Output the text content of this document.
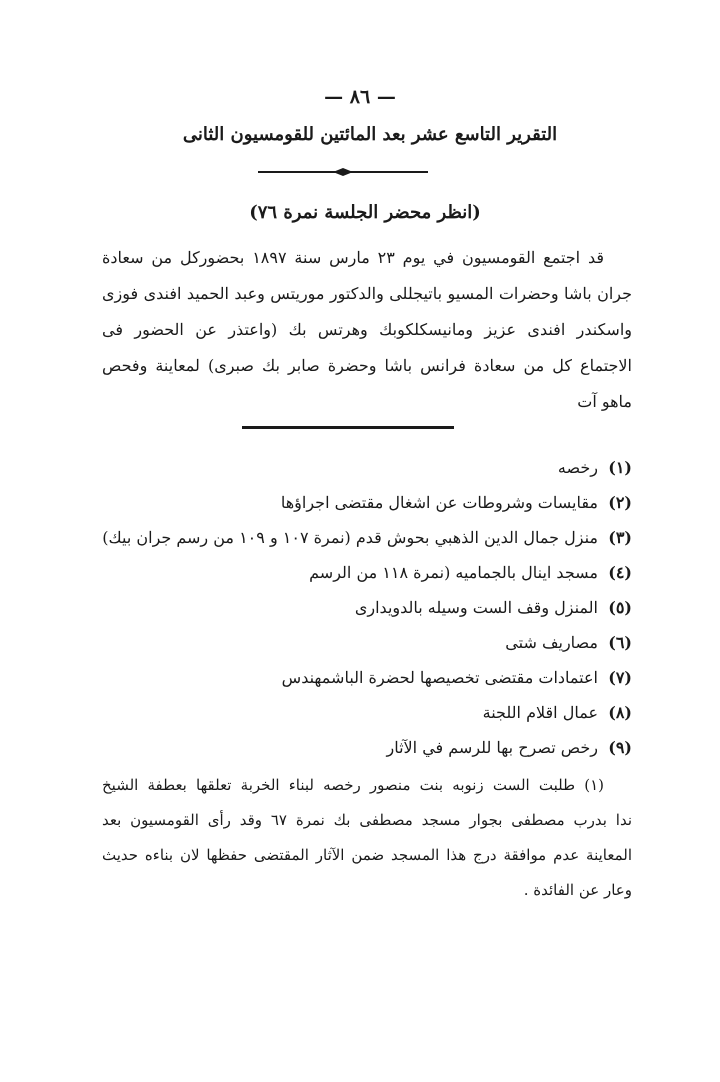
— ٨٦ —
التقرير التاسع عشر بعد المائتين للقومسيون الثانى
(انظر محضر الجلسة نمرة ٧٦)
قد اجتمع القومسيون في يوم ٢٣ مارس سنة ١٨٩٧ بحضوركل من سعادة
جران باشا وحضرات المسيو باتيجللى والدكتور موريتس وعبد الحميد افندى فوزى
واسكندر افندى عزيز ومانيسكلكوبك وهرتس بك (واعتذر عن الحضور فى
الاجتماع كل من سعادة فرانس باشا وحضرة صابر بك صبرى) لمعاينة وفحص
ماهو آت
(١)رخصه
(٢)مقايسات وشروطات عن اشغال مقتضى اجراؤها
(٣)منزل جمال الدين الذهبي بحوش قدم (نمرة ١٠٧ و ١٠٩ من رسم جران بيك)
(٤)مسجد اينال بالجماميه (نمرة ١١٨ من الرسم
(٥)المنزل وقف الست وسيله بالدويدارى
(٦)مصاريف شتى
(٧)اعتمادات مقتضى تخصيصها لحضرة الباشمهندس
(٨)عمال اقلام اللجنة
(٩)رخص تصرح بها للرسم في الآثار
(١) طلبت الست زنوبه بنت منصور رخصه لبناء الخربة تعلقها بعطفة الشيخ
ندا بدرب مصطفى بجوار مسجد مصطفى بك نمرة ٦٧ وقد رأى القومسيون بعد
المعاينة عدم موافقة درج هذا المسجد ضمن الآثار المقتضى حفظها لان بناءه حديث
وعار عن الفائدة .
